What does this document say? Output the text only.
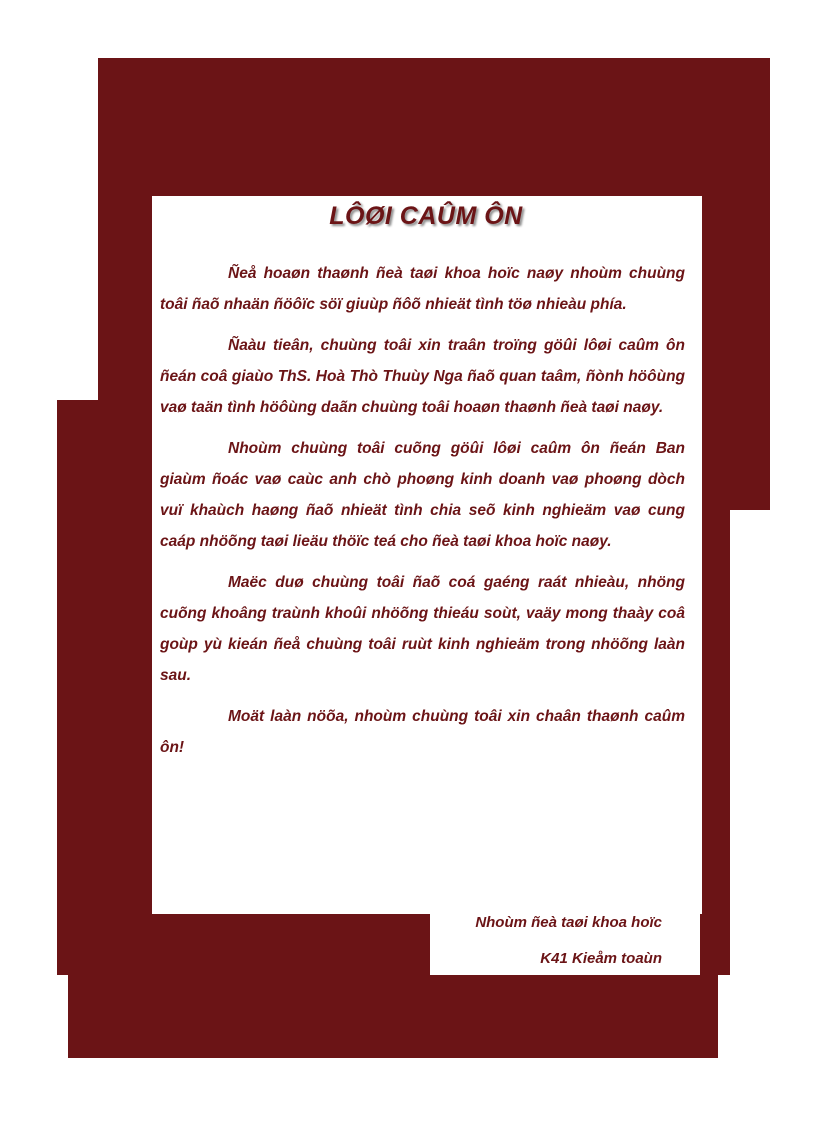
LÔØI CAÛM ÔN

Ñeå hoaøn thaønh ñeà taøi khoa hoïc naøy nhoùm chuùng toâi ñaõ nhaän ñöôïc söï giuùp ñôõ nhieät tình töø nhieàu phía.

Ñaàu tieân, chuùng toâi xin traân troïng göûi lôøi caûm ôn ñeán coâ giaùo ThS. Hoà Thò Thuùy Nga ñaõ quan taâm, ñònh höôùng vaø taän tình höôùng daãn chuùng toâi hoaøn thaønh ñeà taøi naøy.

Nhoùm chuùng toâi cuõng göûi lôøi caûm ôn ñeán Ban giaùm ñoác vaø caùc anh chò phoøng kinh doanh vaø phoøng dòch vuï khaùch haøng ñaõ nhieät tình chia seõ kinh nghieäm vaø cung caáp nhöõng taøi lieäu thöïc teá cho ñeà taøi khoa hoïc naøy.

Maëc duø chuùng toâi ñaõ coá gaéng raát nhieàu, nhöng cuõng khoâng traùnh khoûi nhöõng thieáu soùt, vaäy mong thaày coâ goùp yù kieán ñeå chuùng toâi ruùt kinh nghieäm trong nhöõng laàn sau.

Moät laàn nöõa, nhoùm chuùng toâi xin chaân thaønh caûm ôn!

Nhoùm ñeà taøi khoa hoïc
K41 Kieåm toaùn
